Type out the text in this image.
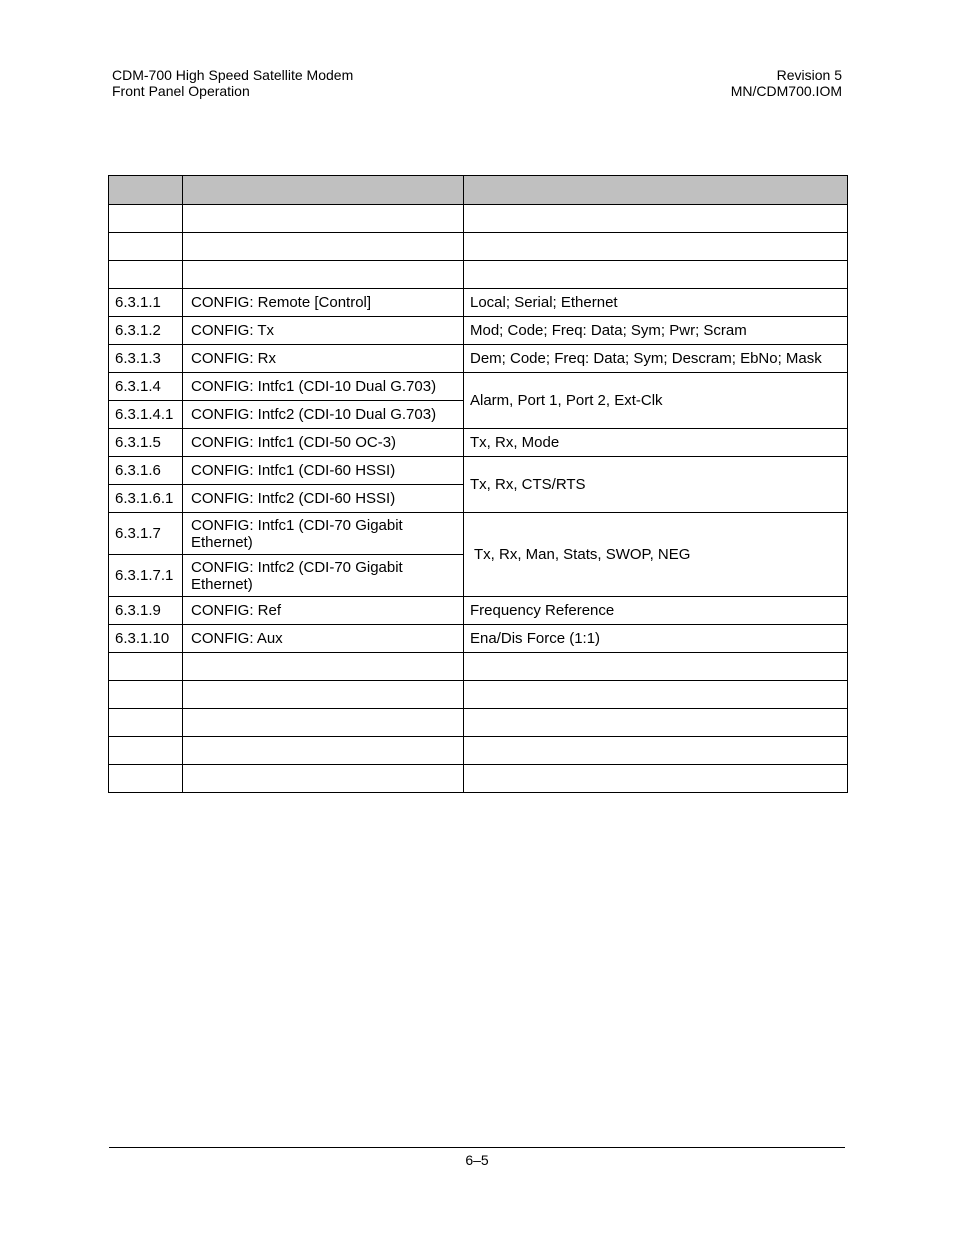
CDM-700 High Speed Satellite Modem
Front Panel Operation
Revision 5
MN/CDM700.IOM

6.3.1.1	CONFIG: Remote [Control]	Local; Serial; Ethernet
6.3.1.2	CONFIG: Tx	Mod; Code; Freq: Data; Sym; Pwr; Scram
6.3.1.3	CONFIG: Rx	Dem; Code; Freq: Data; Sym; Descram; EbNo; Mask
6.3.1.4	CONFIG: Intfc1 (CDI-10 Dual G.703)	Alarm, Port 1, Port 2, Ext-Clk
6.3.1.4.1	CONFIG: Intfc2 (CDI-10 Dual G.703)	
6.3.1.5	CONFIG: Intfc1 (CDI-50 OC-3)	Tx, Rx, Mode
6.3.1.6	CONFIG: Intfc1 (CDI-60 HSSI)	Tx, Rx, CTS/RTS
6.3.1.6.1	CONFIG: Intfc2 (CDI-60 HSSI)	
6.3.1.7	CONFIG: Intfc1 (CDI-70 Gigabit Ethernet)	Tx, Rx, Man, Stats, SWOP, NEG
6.3.1.7.1	CONFIG: Intfc2 (CDI-70 Gigabit Ethernet)	
6.3.1.9	CONFIG: Ref	Frequency Reference
6.3.1.10	CONFIG: Aux	Ena/Dis Force (1:1)

6–5
